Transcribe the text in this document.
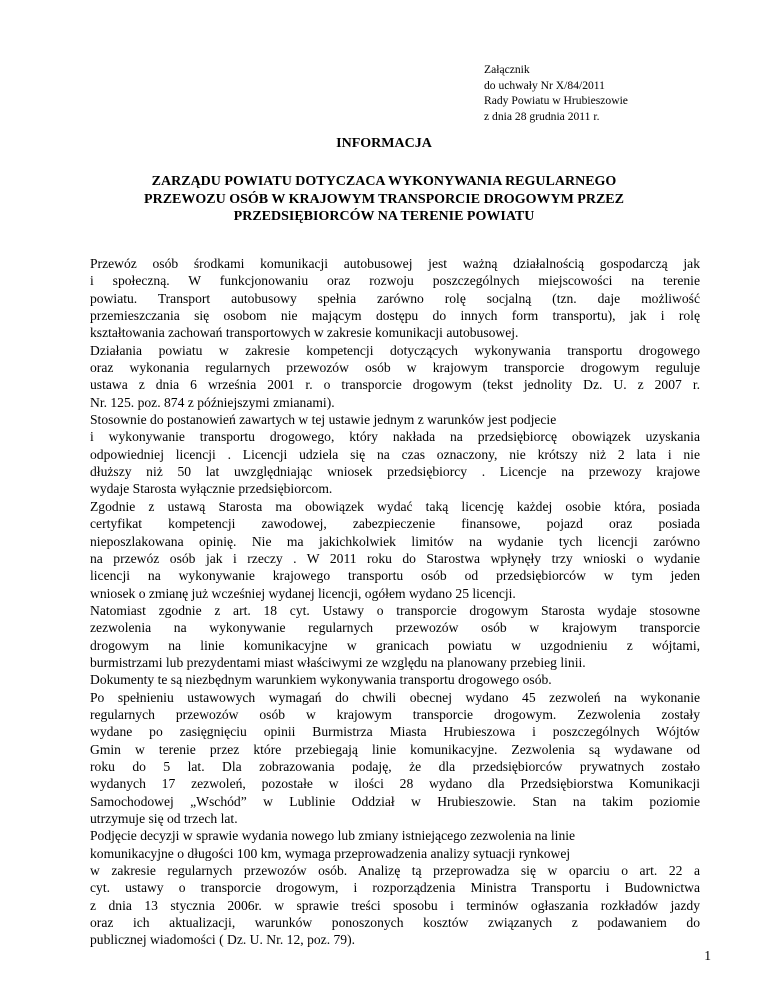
Załącznik
do uchwały Nr X/84/2011
Rady Powiatu w Hrubieszowie
z dnia 28 grudnia 2011 r.
INFORMACJA
ZARZĄDU POWIATU DOTYCZACA WYKONYWANIA REGULARNEGO
PRZEWOZU OSÓB W KRAJOWYM TRANSPORCIE DROGOWYM PRZEZ
PRZEDSIĘBIORCÓW NA TERENIE POWIATU
Przewóz osób środkami komunikacji autobusowej jest ważną działalnością gospodarczą jak
i społeczną. W funkcjonowaniu oraz rozwoju poszczególnych miejscowości na terenie
powiatu. Transport autobusowy spełnia zarówno rolę socjalną (tzn. daje możliwość
przemieszczania się osobom nie mającym dostępu do innych form transportu), jak i rolę
kształtowania zachowań transportowych w zakresie komunikacji autobusowej.
Działania powiatu w zakresie kompetencji dotyczących wykonywania transportu drogowego
oraz wykonania regularnych przewozów osób w krajowym transporcie drogowym reguluje
ustawa z dnia 6 września 2001 r. o transporcie drogowym (tekst jednolity Dz. U. z 2007 r.
Nr. 125. poz. 874 z późniejszymi zmianami).
Stosownie do postanowień zawartych w tej ustawie jednym z warunków jest podjecie
i wykonywanie transportu drogowego, który nakłada na przedsiębiorcę obowiązek uzyskania
odpowiedniej licencji . Licencji udziela się na czas oznaczony, nie krótszy niż 2 lata i nie
dłuższy niż 50 lat uwzględniając wniosek przedsiębiorcy . Licencje na przewozy krajowe
wydaje Starosta wyłącznie przedsiębiorcom.
Zgodnie z ustawą Starosta ma obowiązek wydać taką licencję każdej osobie która, posiada
certyfikat kompetencji zawodowej, zabezpieczenie finansowe, pojazd oraz posiada
nieposzlakowana opinię. Nie ma jakichkolwiek limitów na wydanie tych licencji zarówno
na przewóz osób jak i rzeczy . W 2011 roku do Starostwa wpłynęły trzy wnioski o wydanie
licencji na wykonywanie krajowego transportu osób od przedsiębiorców w tym jeden
wniosek o zmianę już wcześniej wydanej licencji, ogółem wydano 25 licencji.
Natomiast zgodnie z art. 18 cyt. Ustawy o transporcie drogowym Starosta wydaje stosowne
zezwolenia na wykonywanie regularnych przewozów osób w krajowym transporcie
drogowym na linie komunikacyjne w granicach powiatu w uzgodnieniu z wójtami,
burmistrzami lub prezydentami miast właściwymi ze względu na planowany przebieg linii.
Dokumenty te są niezbędnym warunkiem wykonywania transportu drogowego osób.
Po spełnieniu ustawowych wymagań do chwili obecnej wydano 45 zezwoleń na wykonanie
regularnych przewozów osób w krajowym transporcie drogowym. Zezwolenia zostały
wydane po zasięgnięciu opinii Burmistrza Miasta Hrubieszowa i poszczególnych Wójtów
Gmin w terenie przez które przebiegają linie komunikacyjne. Zezwolenia są wydawane od
roku do 5 lat. Dla zobrazowania podaję, że dla przedsiębiorców prywatnych zostało
wydanych 17 zezwoleń, pozostałe w ilości 28 wydano dla Przedsiębiorstwa Komunikacji
Samochodowej „Wschód” w Lublinie Oddział w Hrubieszowie. Stan na takim poziomie
utrzymuje się od trzech lat.
Podjęcie decyzji w sprawie wydania nowego lub zmiany istniejącego zezwolenia na linie
komunikacyjne o długości 100 km, wymaga przeprowadzenia analizy sytuacji rynkowej
w zakresie regularnych przewozów osób. Analizę tą przeprowadza się w oparciu o art. 22 a
cyt. ustawy o transporcie drogowym, i rozporządzenia Ministra Transportu i Budownictwa
z dnia 13 stycznia 2006r. w sprawie treści sposobu i terminów ogłaszania rozkładów jazdy
oraz ich aktualizacji, warunków ponoszonych kosztów związanych z podawaniem do
publicznej wiadomości ( Dz. U. Nr. 12, poz. 79).
1
